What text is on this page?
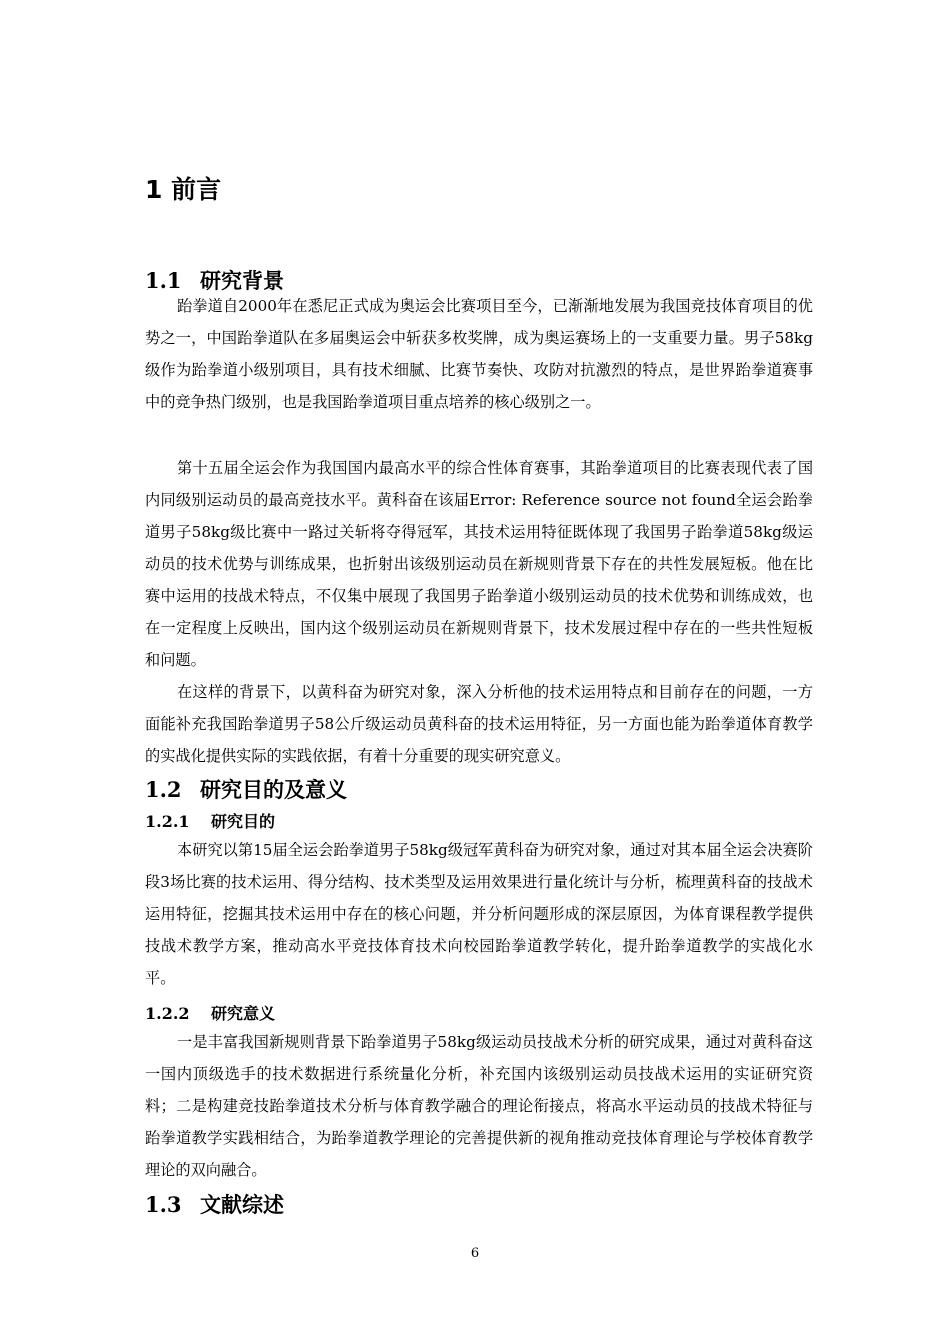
1 前言
1.1 研究背景

跆拳道自2000年在悉尼正式成为奥运会比赛项目至今，已渐渐地发展为我国竞技体育项目的优势之一，中国跆拳道队在多届奥运会中斩获多枚奖牌，成为奥运赛场上的一支重要力量。男子58kg级作为跆拳道小级别项目，具有技术细腻、比赛节奏快、攻防对抗激烈的特点，是世界跆拳道赛事中的竞争热门级别，也是我国跆拳道项目重点培养的核心级别之一。

第十五届全运会作为我国国内最高水平的综合性体育赛事，其跆拳道项目的比赛表现代表了国内同级别运动员的最高竞技水平。黄科奋在该届Error: Reference source not found全运会跆拳道男子58kg级比赛中一路过关斩将夺得冠军，其技术运用特征既体现了我国男子跆拳道58kg级运动员的技术优势与训练成果，也折射出该级别运动员在新规则背景下存在的共性发展短板。他在比赛中运用的技战术特点，不仅集中展现了我国男子跆拳道小级别运动员的技术优势和训练成效，也在一定程度上反映出，国内这个级别运动员在新规则背景下，技术发展过程中存在的一些共性短板和问题。

在这样的背景下，以黄科奋为研究对象，深入分析他的技术运用特点和目前存在的问题，一方面能补充我国跆拳道男子58公斤级运动员黄科奋的技术运用特征，另一方面也能为跆拳道体育教学的实战化提供实际的实践依据，有着十分重要的现实研究意义。

1.2 研究目的及意义
1.2.1 研究目的

本研究以第15届全运会跆拳道男子58kg级冠军黄科奋为研究对象，通过对其本届全运会决赛阶段3场比赛的技术运用、得分结构、技术类型及运用效果进行量化统计与分析，梳理黄科奋的技战术运用特征，挖掘其技术运用中存在的核心问题，并分析问题形成的深层原因，为体育课程教学提供技战术教学方案，推动高水平竞技体育技术向校园跆拳道教学转化，提升跆拳道教学的实战化水平。

1.2.2 研究意义

一是丰富我国新规则背景下跆拳道男子58kg级运动员技战术分析的研究成果，通过对黄科奋这一国内顶级选手的技术数据进行系统量化分析，补充国内该级别运动员技战术运用的实证研究资料；二是构建竞技跆拳道技术分析与体育教学融合的理论衔接点，将高水平运动员的技战术特征与跆拳道教学实践相结合，为跆拳道教学理论的完善提供新的视角推动竞技体育理论与学校体育教学理论的双向融合。

1.3 文献综述

6
